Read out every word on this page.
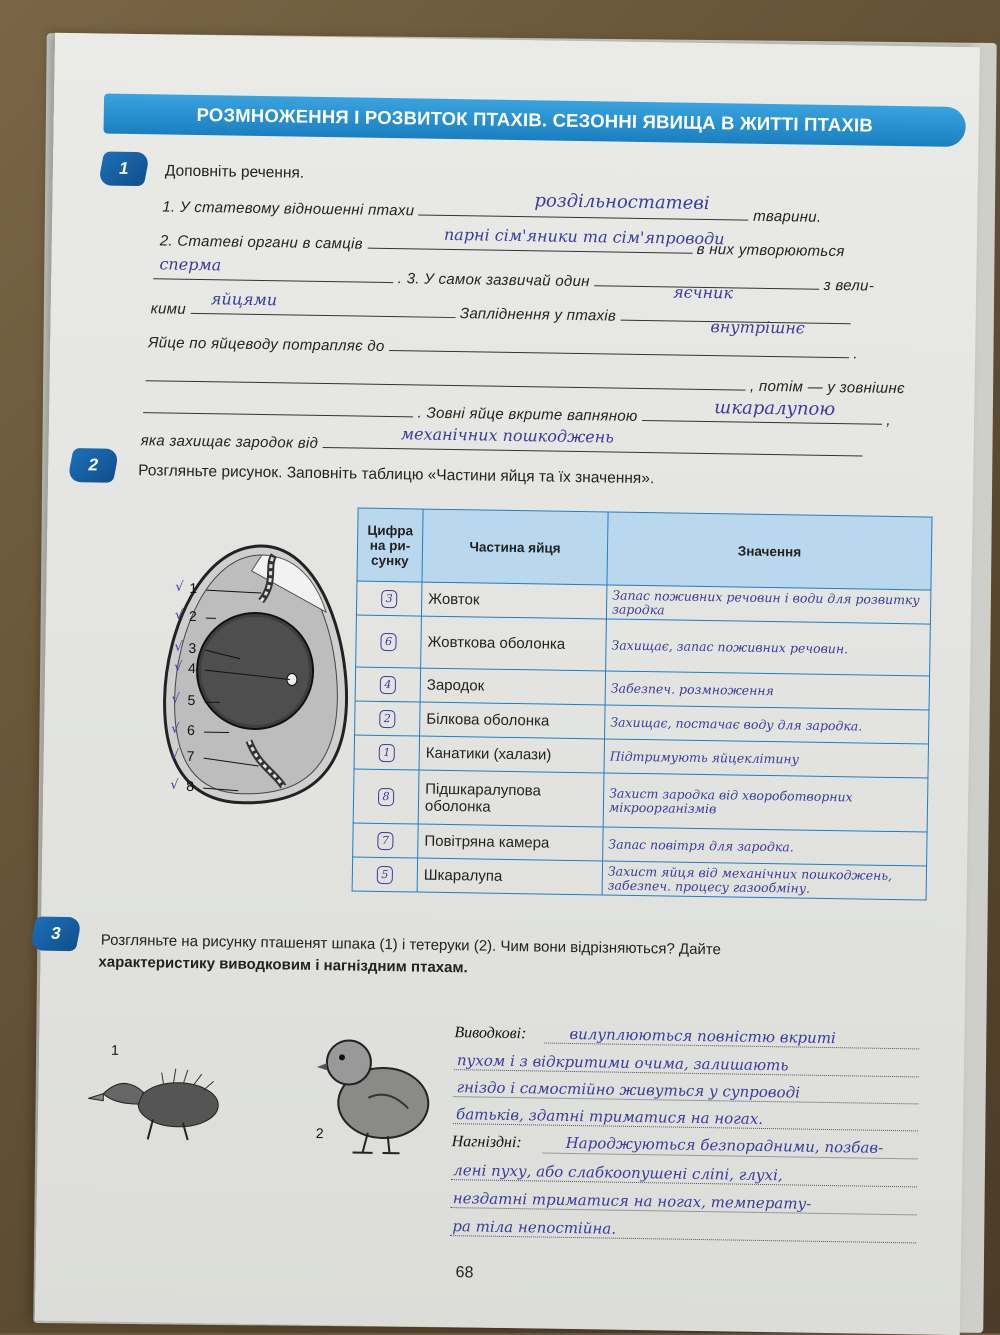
РОЗМНОЖЕННЯ І РОЗВИТОК ПТАХІВ. СЕЗОННІ ЯВИЩА В ЖИТТІ ПТАХІВ
1	Доповніть речення.
1. У статевому відношенні птахи	тварини.
роздільностатеві
2. Статеві органи в самців	в них утворюються
парні сім'яники та сім'япроводи
. 3. У самок зазвичай один	з вели-
сперма
яєчник
кими	Запліднення у птахів
яйцями
внутрішнє
Яйце по яйцеводу потрапляє до	.
, потім — у зовнішнє
. Зовні яйце вкрите вапняною	,
шкаралупою
яка захищає зародок від	механічних пошкоджень
2	Розгляньте рисунок. Заповніть таблицю «Частини яйця та їх значення».
1
2
3
4
5
6
7
8
√
√
√
√
√
√
√
√
Цифра на ри- сунку	Частина яйця	Значення
3	Жовток	Запас поживних речовин і води для розвитку зародка
6	Жовткова оболонка	Захищає, запас поживних речовин.
4	Зародок	Забезпеч. розмноження
2	Білкова оболонка	Захищає, постачає воду для зародка.
1	Канатики (халази)	Підтримують яйцеклітину
8	Підшкаралупова оболонка	Захист зародка від хвороботворних мікроорганізмів
7	Повітряна камера	Запас повітря для зародка.
5	Шкаралупа	Захист яйця від механічних пошкоджень, забезпеч. процесу газообміну.
3	Розгляньте на рисунку пташенят шпака (1) і тетеруки (2). Чим вони відрізняються? Дайте
характеристику виводковим і нагніздним птахам.
1
2
Виводкові:	вилуплюються повністю вкриті
пухом і з відкритими очима, залишають
гніздо і самостійно живуться у супроводі
батьків, здатні триматися на ногах.
Нагніздні:	Народжуються безпорадними, позбав-
лені пуху, або слабкоопушені сліпі, глухі,
нездатні триматися на ногах, температу-
ра тіла непостійна.
68
